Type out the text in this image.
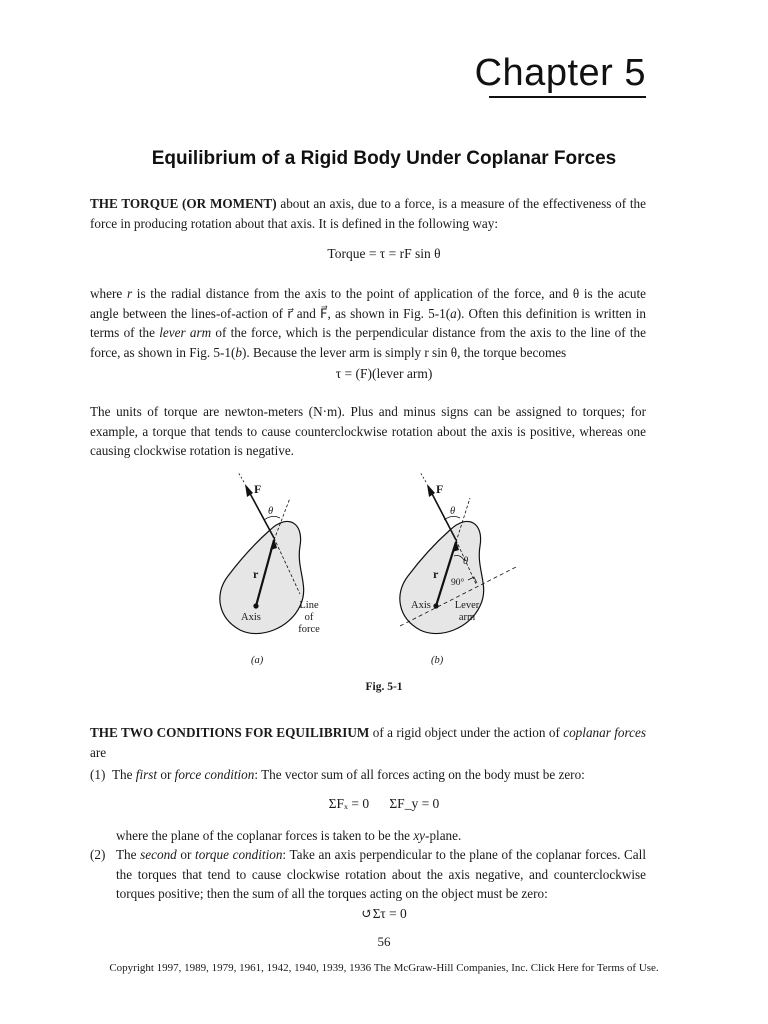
Chapter 5
Equilibrium of a Rigid Body Under Coplanar Forces
THE TORQUE (OR MOMENT) about an axis, due to a force, is a measure of the effectiveness of the force in producing rotation about that axis. It is defined in the following way:
Torque = τ = rF sin θ
where r is the radial distance from the axis to the point of application of the force, and θ is the acute angle between the lines-of-action of r⃗ and F⃗, as shown in Fig. 5-1(a). Often this definition is written in terms of the lever arm of the force, which is the perpendicular distance from the axis to the line of the force, as shown in Fig. 5-1(b). Because the lever arm is simply r sin θ, the torque becomes
τ = (F)(lever arm)
The units of torque are newton-meters (N·m). Plus and minus signs can be assigned to torques; for example, a torque that tends to cause counterclockwise rotation about the axis is positive, whereas one causing clockwise rotation is negative.
F⃗
θ
r⃗
Axis
Line
of
force
(a)
F⃗
θ
θ
r⃗
90°
Axis Lever
arm
(b)
Fig. 5-1
THE TWO CONDITIONS FOR EQUILIBRIUM of a rigid object under the action of coplanar forces are
(1) The first or force condition: The vector sum of all forces acting on the body must be zero:
ΣFₓ = 0 ΣF_y = 0
where the plane of the coplanar forces is taken to be the xy-plane.
(2) The second or torque condition: Take an axis perpendicular to the plane of the coplanar forces. Call the torques that tend to cause clockwise rotation about the axis negative, and counterclockwise torques positive; then the sum of all the torques acting on the object must be zero:
↺Στ = 0
56
Copyright 1997, 1989, 1979, 1961, 1942, 1940, 1939, 1936 The McGraw-Hill Companies, Inc. Click Here for Terms of Use.
